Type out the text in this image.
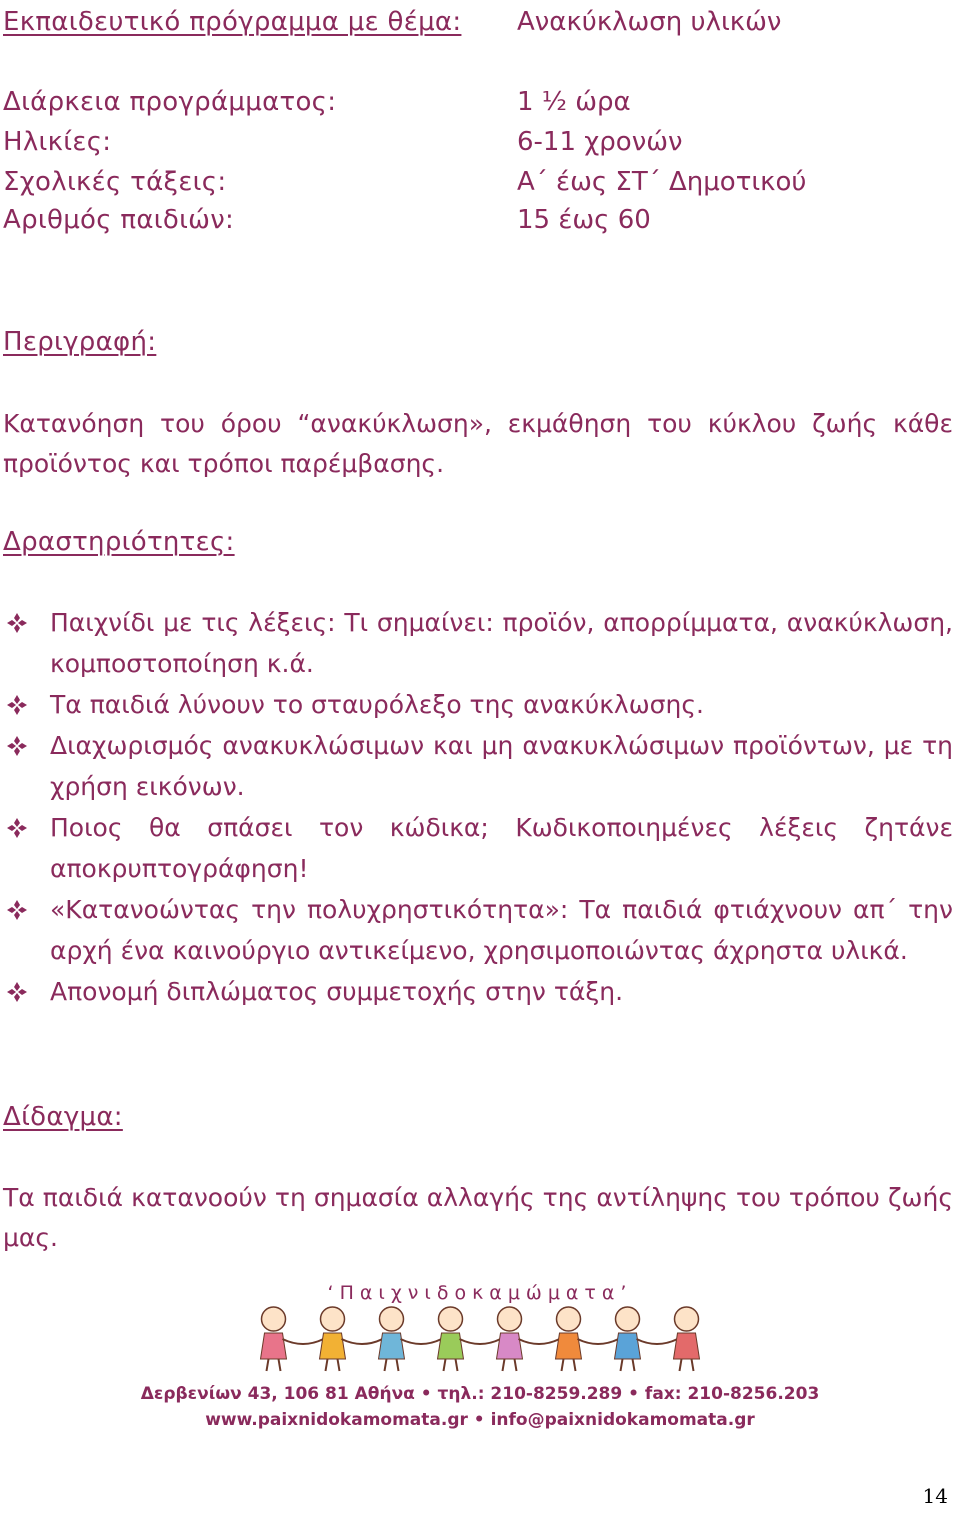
Εκπαιδευτικό πρόγραμμα με θέμα: Ανακύκλωση υλικών
Διάρκεια προγράμματος:	1 ½ ώρα
Ηλικίες:	6-11 χρονών
Σχολικές τάξεις:	Α΄ έως ΣΤ΄ Δημοτικού
Αριθμός παιδιών:	15 έως 60
Περιγραφή:
Κατανόηση του όρου “ανακύκλωση», εκμάθηση του κύκλου ζωής κάθε προϊόντος και τρόποι παρέμβασης.
Δραστηριότητες:
Παιχνίδι με τις λέξεις: Τι σημαίνει: προϊόν, απορρίμματα, ανακύκλωση, κομποστοποίηση κ.ά.
Τα παιδιά λύνουν το σταυρόλεξο της ανακύκλωσης.
Διαχωρισμός ανακυκλώσιμων και μη ανακυκλώσιμων προϊόντων, με τη χρήση εικόνων.
Ποιος θα σπάσει τον κώδικα; Κωδικοποιημένες λέξεις ζητάνε αποκρυπτογράφηση!
«Κατανοώντας την πολυχρηστικότητα»: Τα παιδιά φτιάχνουν απ΄ την αρχή ένα καινούργιο αντικείμενο, χρησιμοποιώντας άχρηστα υλικά.
Απονομή διπλώματος συμμετοχής στην τάξη.
Δίδαγμα:
Τα παιδιά κατανοούν τη σημασία αλλαγής της αντίληψης του τρόπου ζωής μας.
‘Παιχνιδοκαμώματα’
Δερβενίων 43, 106 81 Αθήνα • τηλ.: 210-8259.289 • fax: 210-8256.203
www.paixnidokamomata.gr • info@paixnidokamomata.gr
14
